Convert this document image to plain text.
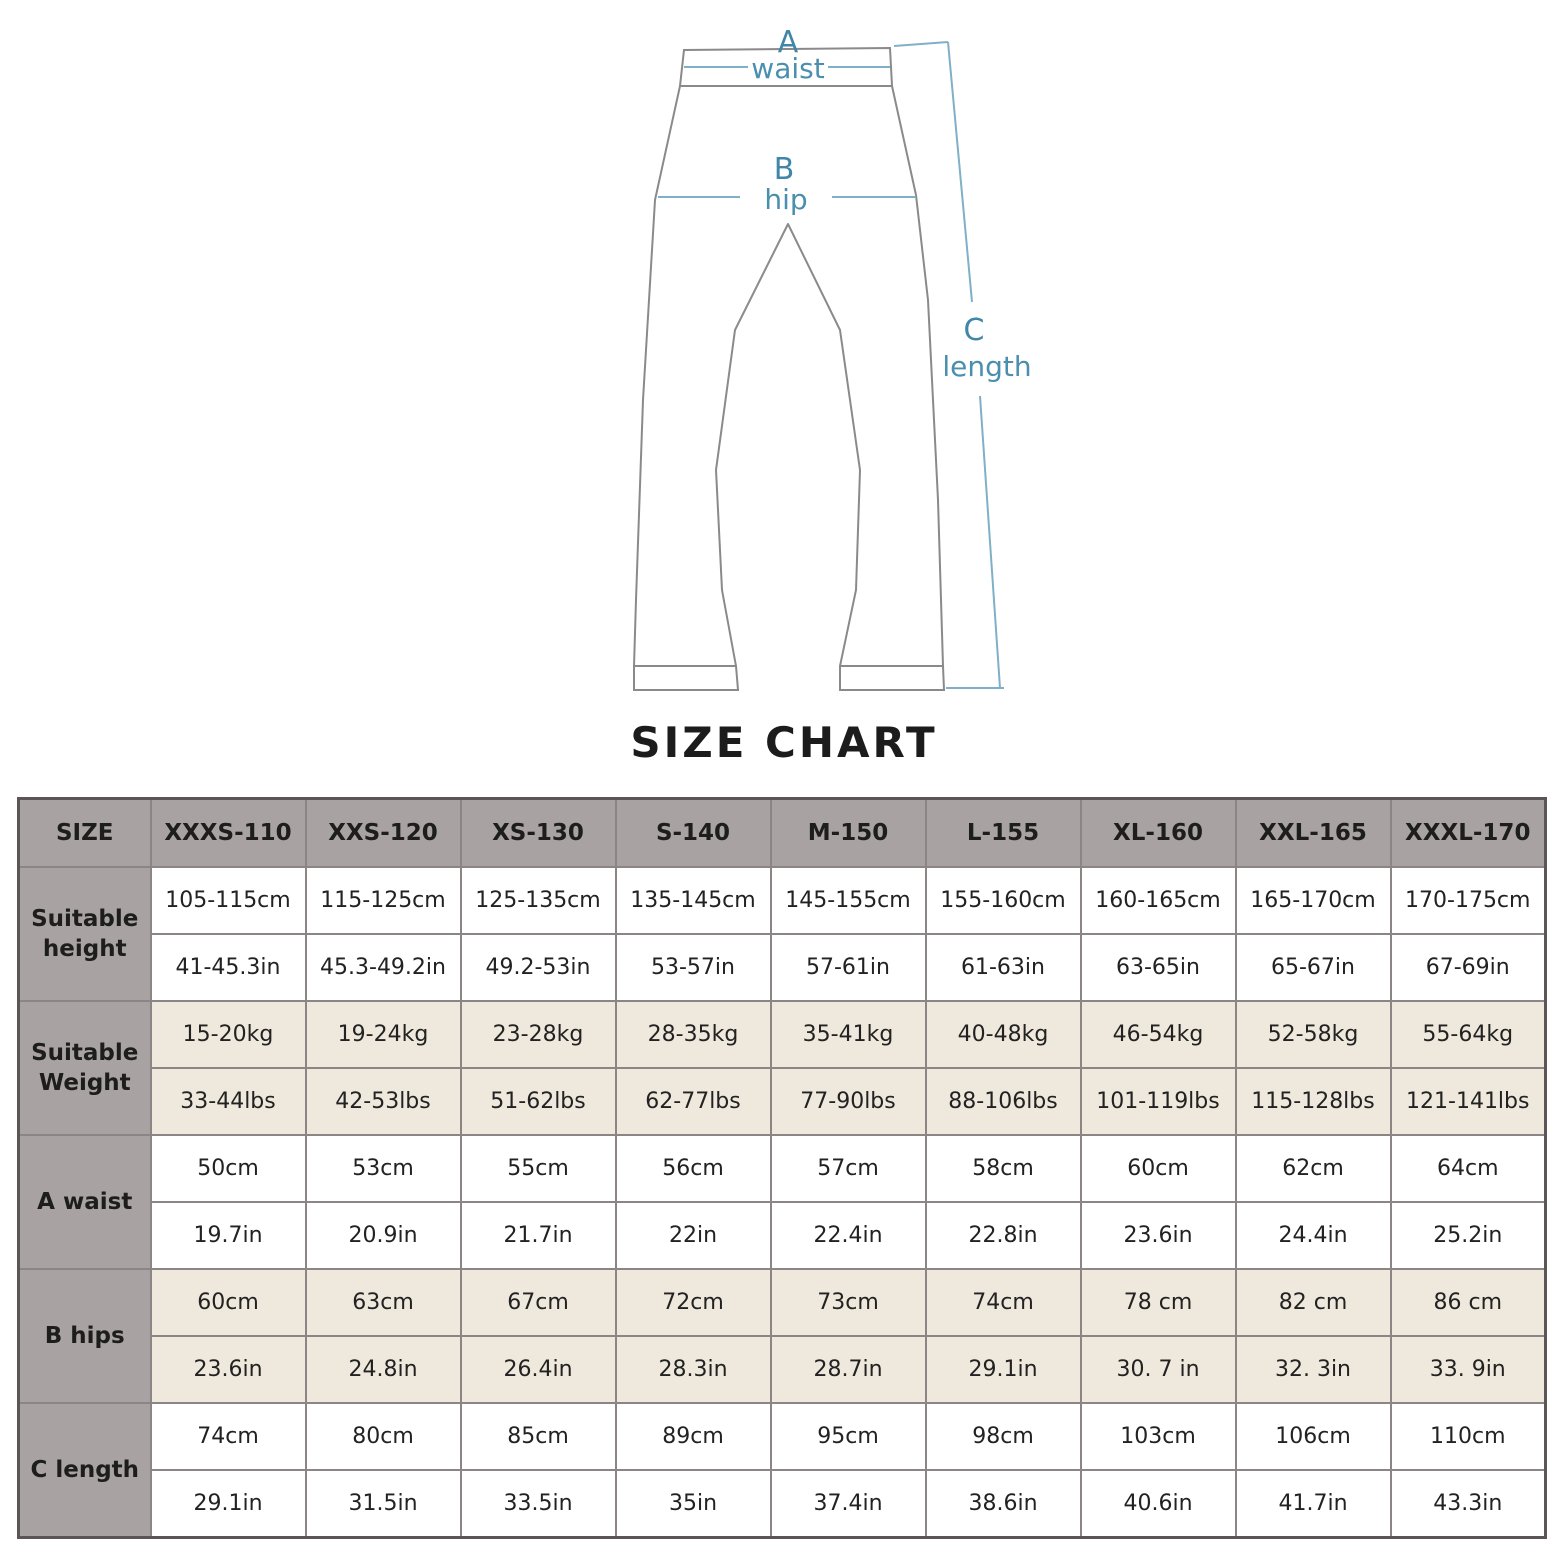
A
waist
B
hip
C
length
SIZE CHART
SIZE	XXXS-110	XXS-120	XS-130	S-140	M-150	L-155	XL-160	XXL-165	XXXL-170
Suitable height	105-115cm	115-125cm	125-135cm	135-145cm	145-155cm	155-160cm	160-165cm	165-170cm	170-175cm
	41-45.3in	45.3-49.2in	49.2-53in	53-57in	57-61in	61-63in	63-65in	65-67in	67-69in
Suitable Weight	15-20kg	19-24kg	23-28kg	28-35kg	35-41kg	40-48kg	46-54kg	52-58kg	55-64kg
	33-44lbs	42-53lbs	51-62lbs	62-77lbs	77-90lbs	88-106lbs	101-119lbs	115-128lbs	121-141lbs
A waist	50cm	53cm	55cm	56cm	57cm	58cm	60cm	62cm	64cm
	19.7in	20.9in	21.7in	22in	22.4in	22.8in	23.6in	24.4in	25.2in
B hips	60cm	63cm	67cm	72cm	73cm	74cm	78 cm	82 cm	86 cm
	23.6in	24.8in	26.4in	28.3in	28.7in	29.1in	30. 7 in	32. 3in	33. 9in
C length	74cm	80cm	85cm	89cm	95cm	98cm	103cm	106cm	110cm
	29.1in	31.5in	33.5in	35in	37.4in	38.6in	40.6in	41.7in	43.3in
